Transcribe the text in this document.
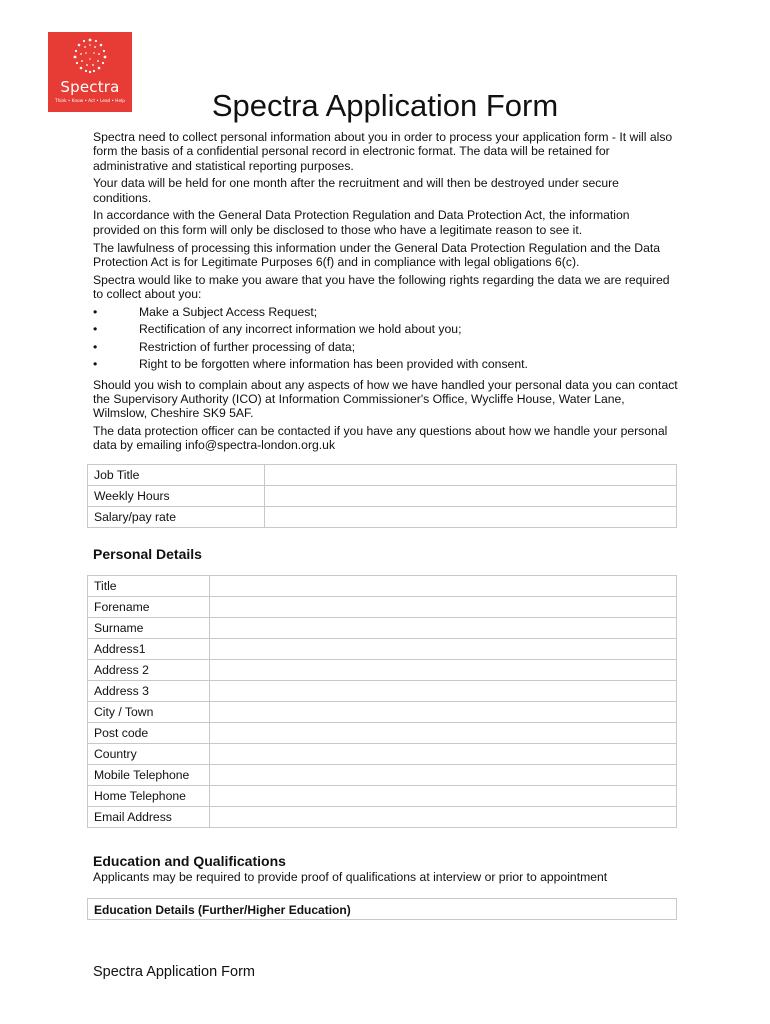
Spectra
Think • Know • Act • Lead • Help	Spectra Application Form

Spectra need to collect personal information about you in order to process your application form - It will also form the basis of a confidential personal record in electronic format. The data will be retained for administrative and statistical reporting purposes.

Your data will be held for one month after the recruitment and will then be destroyed under secure conditions.

In accordance with the General Data Protection Regulation and Data Protection Act, the information provided on this form will only be disclosed to those who have a legitimate reason to see it.

The lawfulness of processing this information under the General Data Protection Regulation and the Data Protection Act is for Legitimate Purposes 6(f) and in compliance with legal obligations 6(c).

Spectra would like to make you aware that you have the following rights regarding the data we are required to collect about you:

•	Make a Subject Access Request;
•	Rectification of any incorrect information we hold about you;
•	Restriction of further processing of data;
•	Right to be forgotten where information has been provided with consent.

Should you wish to complain about any aspects of how we have handled your personal data you can contact the Supervisory Authority (ICO) at Information Commissioner's Office, Wycliffe House, Water Lane, Wilmslow, Cheshire SK9 5AF.

The data protection officer can be contacted if you have any questions about how we handle your personal data by emailing info@spectra-london.org.uk

Job Title	
Weekly Hours	
Salary/pay rate	
Personal Details
Title	
Forename	
Surname	
Address1	
Address 2	
Address 3	
City / Town	
Post code	
Country	
Mobile Telephone	
Home Telephone	
Email Address	
Education and Qualifications
Applicants may be required to provide proof of qualifications at interview or prior to appointment
Education Details (Further/Higher Education)
Spectra Application Form
